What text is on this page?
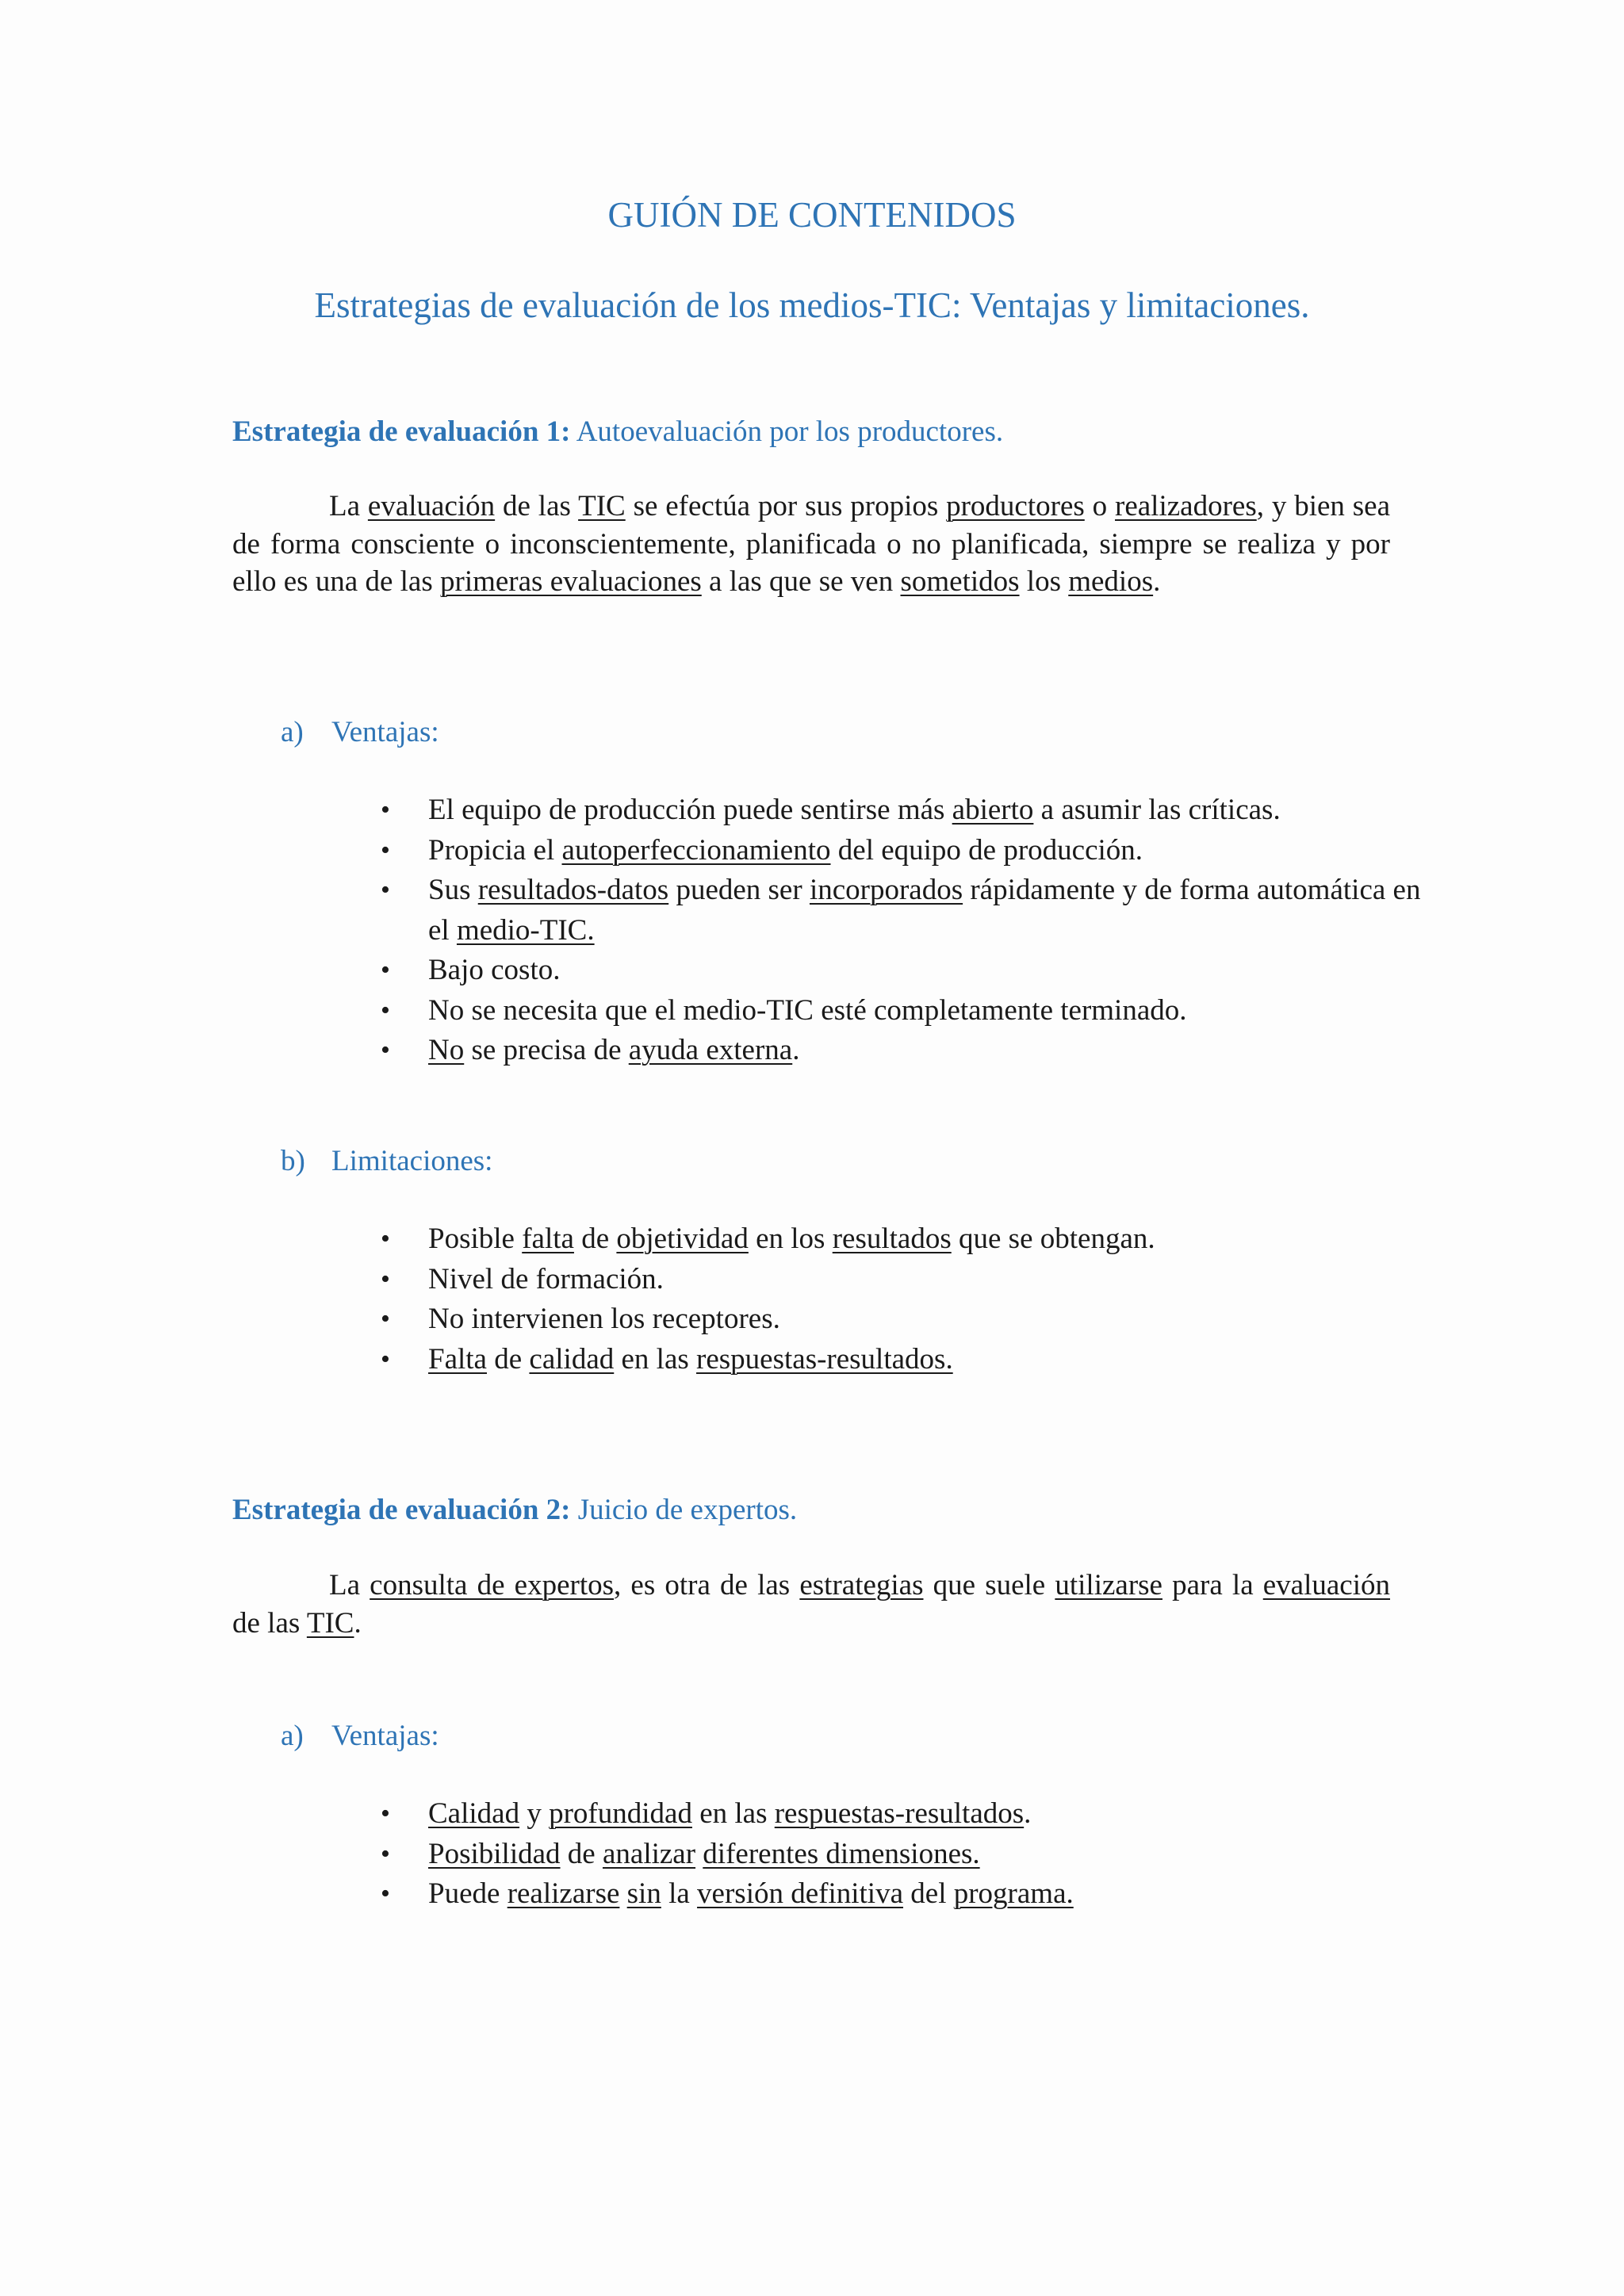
GUIÓN DE CONTENIDOS
Estrategias de evaluación de los medios-TIC: Ventajas y limitaciones.
Estrategia de evaluación 1: Autoevaluación por los productores.
La evaluación de las TIC se efectúa por sus propios productores o realizadores, y bien sea de forma consciente o inconscientemente, planificada o no planificada, siempre se realiza y por ello es una de las primeras evaluaciones a las que se ven sometidos los medios.
a) Ventajas:
•	El equipo de producción puede sentirse más abierto a asumir las críticas.
•	Propicia el autoperfeccionamiento del equipo de producción.
•	Sus resultados-datos pueden ser incorporados rápidamente y de forma automática en el medio-TIC.
•	Bajo costo.
•	No se necesita que el medio-TIC esté completamente terminado.
•	No se precisa de ayuda externa.
b) Limitaciones:
•	Posible falta de objetividad en los resultados que se obtengan.
•	Nivel de formación.
•	No intervienen los receptores.
•	Falta de calidad en las respuestas-resultados.
Estrategia de evaluación 2: Juicio de expertos.
La consulta de expertos, es otra de las estrategias que suele utilizarse para la evaluación de las TIC.
a) Ventajas:
•	Calidad y profundidad en las respuestas-resultados.
•	Posibilidad de analizar diferentes dimensiones.
•	Puede realizarse sin la versión definitiva del programa.
